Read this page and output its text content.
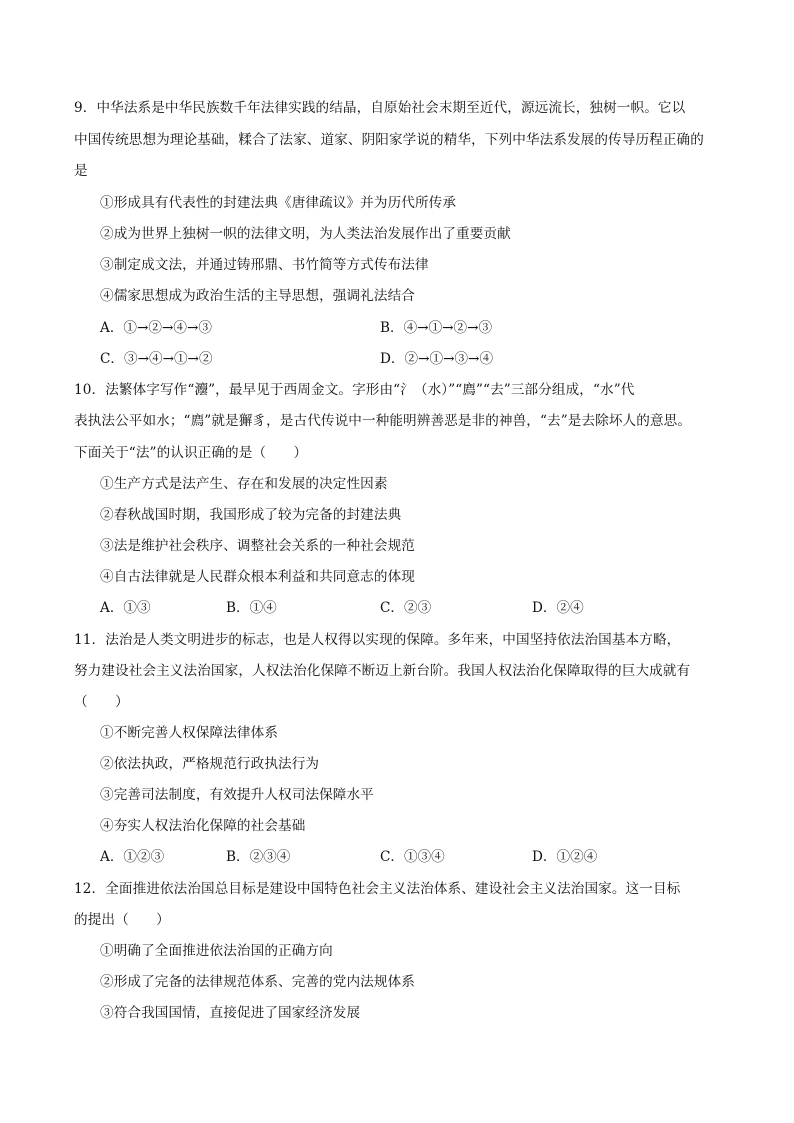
9．中华法系是中华民族数千年法律实践的结晶，自原始社会末期至近代，源远流长，独树一帜。它以
中国传统思想为理论基础，糅合了法家、道家、阴阳家学说的精华，下列中华法系发展的传导历程正确的
是
①形成具有代表性的封建法典《唐律疏议》并为历代所传承
②成为世界上独树一帜的法律文明，为人类法治发展作出了重要贡献
③制定成文法，并通过铸邢鼎、书竹简等方式传布法律
④儒家思想成为政治生活的主导思想，强调礼法结合
A．①→②→④→③	B．④→①→②→③
C．③→④→①→②	D．②→①→③→④
10．法繁体字写作“灋”，最早见于西周金文。字形由“氵（水）”“廌”“去”三部分组成，“水”代
表执法公平如水；“廌”就是獬豸，是古代传说中一种能明辨善恶是非的神兽，“去”是去除坏人的意思。
下面关于“法”的认识正确的是（　　）
①生产方式是法产生、存在和发展的决定性因素
②春秋战国时期，我国形成了较为完备的封建法典
③法是维护社会秩序、调整社会关系的一种社会规范
④自古法律就是人民群众根本利益和共同意志的体现
A．①③	B．①④	C．②③	D．②④
11．法治是人类文明进步的标志，也是人权得以实现的保障。多年来，中国坚持依法治国基本方略，
努力建设社会主义法治国家，人权法治化保障不断迈上新台阶。我国人权法治化保障取得的巨大成就有
（　　）
①不断完善人权保障法律体系
②依法执政，严格规范行政执法行为
③完善司法制度，有效提升人权司法保障水平
④夯实人权法治化保障的社会基础
A．①②③	B．②③④	C．①③④	D．①②④
12．全面推进依法治国总目标是建设中国特色社会主义法治体系、建设社会主义法治国家。这一目标
的提出（　　）
①明确了全面推进依法治国的正确方向
②形成了完备的法律规范体系、完善的党内法规体系
③符合我国国情，直接促进了国家经济发展
